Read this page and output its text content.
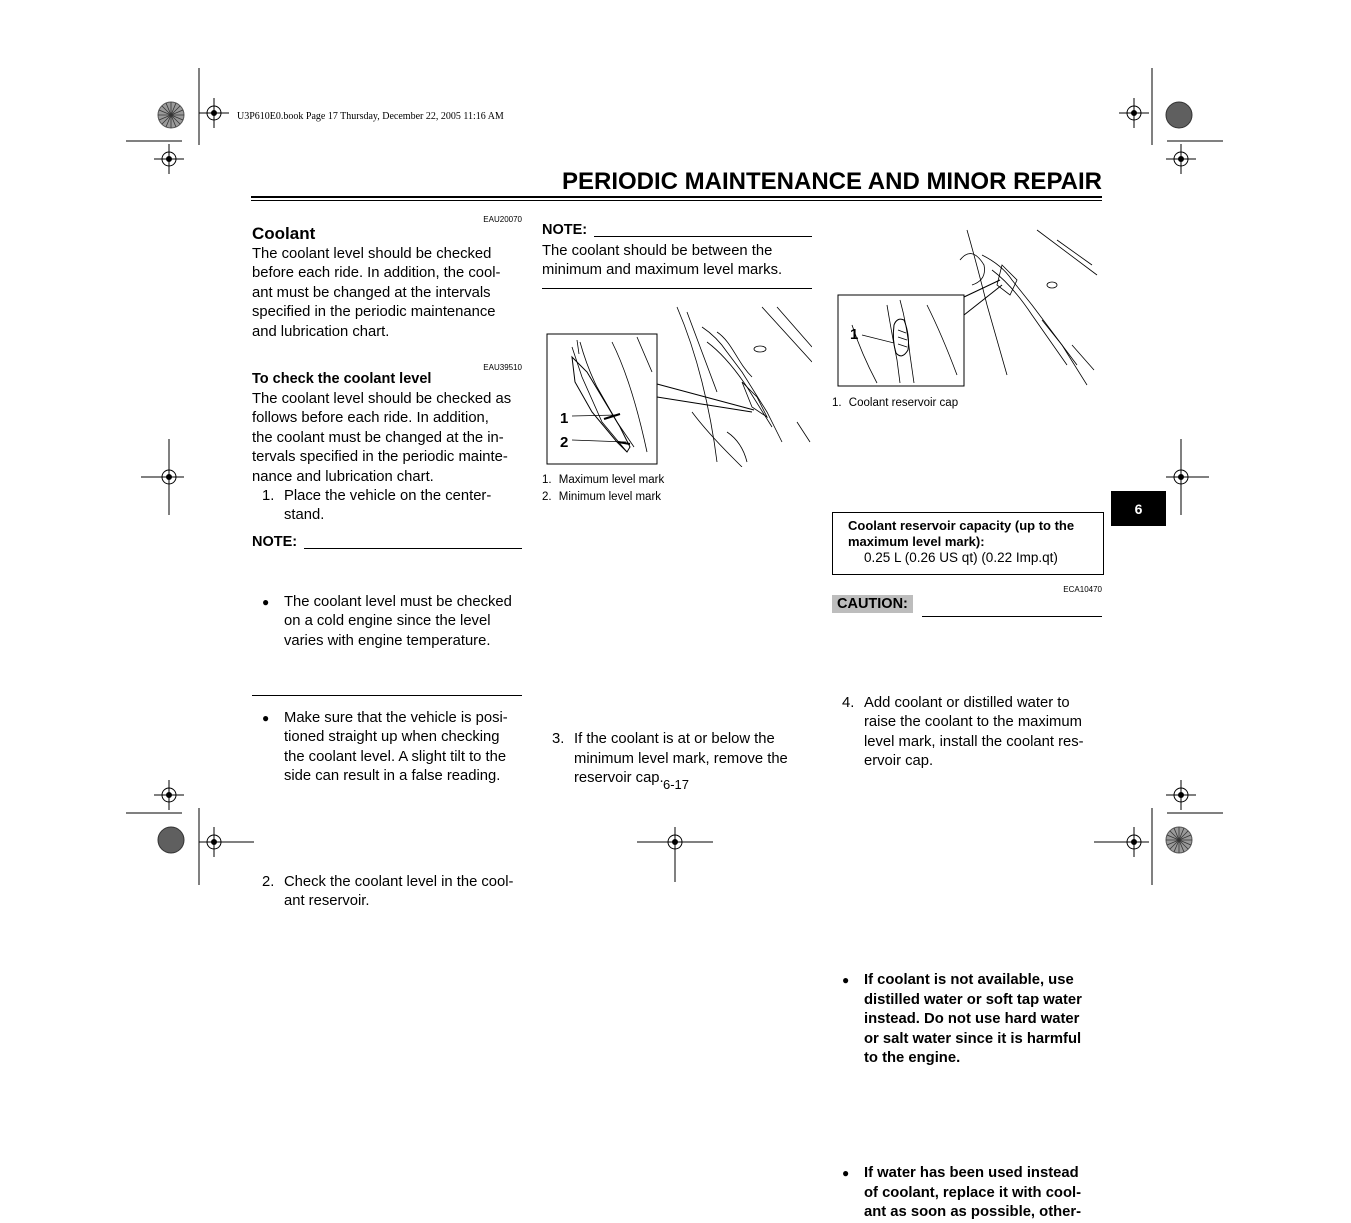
U3P610E0.book Page 17 Thursday, December 22, 2005 11:16 AM
PERIODIC MAINTENANCE AND MINOR REPAIR
6
EAU20070
Coolant
The coolant level should be checked
before each ride. In addition, the cool-
ant must be changed at the intervals
specified in the periodic maintenance
and lubrication chart.
EAU39510
To check the coolant level
The coolant level should be checked as
follows before each ride. In addition,
the coolant must be changed at the in-
tervals specified in the periodic mainte-
nance and lubrication chart.
1. Place the vehicle on the center-
stand.
NOTE:
● The coolant level must be checked
on a cold engine since the level
varies with engine temperature.
● Make sure that the vehicle is posi-
tioned straight up when checking
the coolant level. A slight tilt to the
side can result in a false reading.
2. Check the coolant level in the cool-
ant reservoir.
NOTE:
The coolant should be between the
minimum and maximum level marks.
1
2
1. Maximum level mark
2. Minimum level mark
3. If the coolant is at or below the
minimum level mark, remove the
reservoir cap.
1
1. Coolant reservoir cap
4. Add coolant or distilled water to
raise the coolant to the maximum
level mark, install the coolant res-
ervoir cap.
Coolant reservoir capacity (up to the
maximum level mark):
0.25 L (0.26 US qt) (0.22 Imp.qt)
ECA10470
CAUTION:
● If coolant is not available, use
distilled water or soft tap water
instead. Do not use hard water
or salt water since it is harmful
to the engine.
● If water has been used instead
of coolant, replace it with cool-
ant as soon as possible, other-
6-17
